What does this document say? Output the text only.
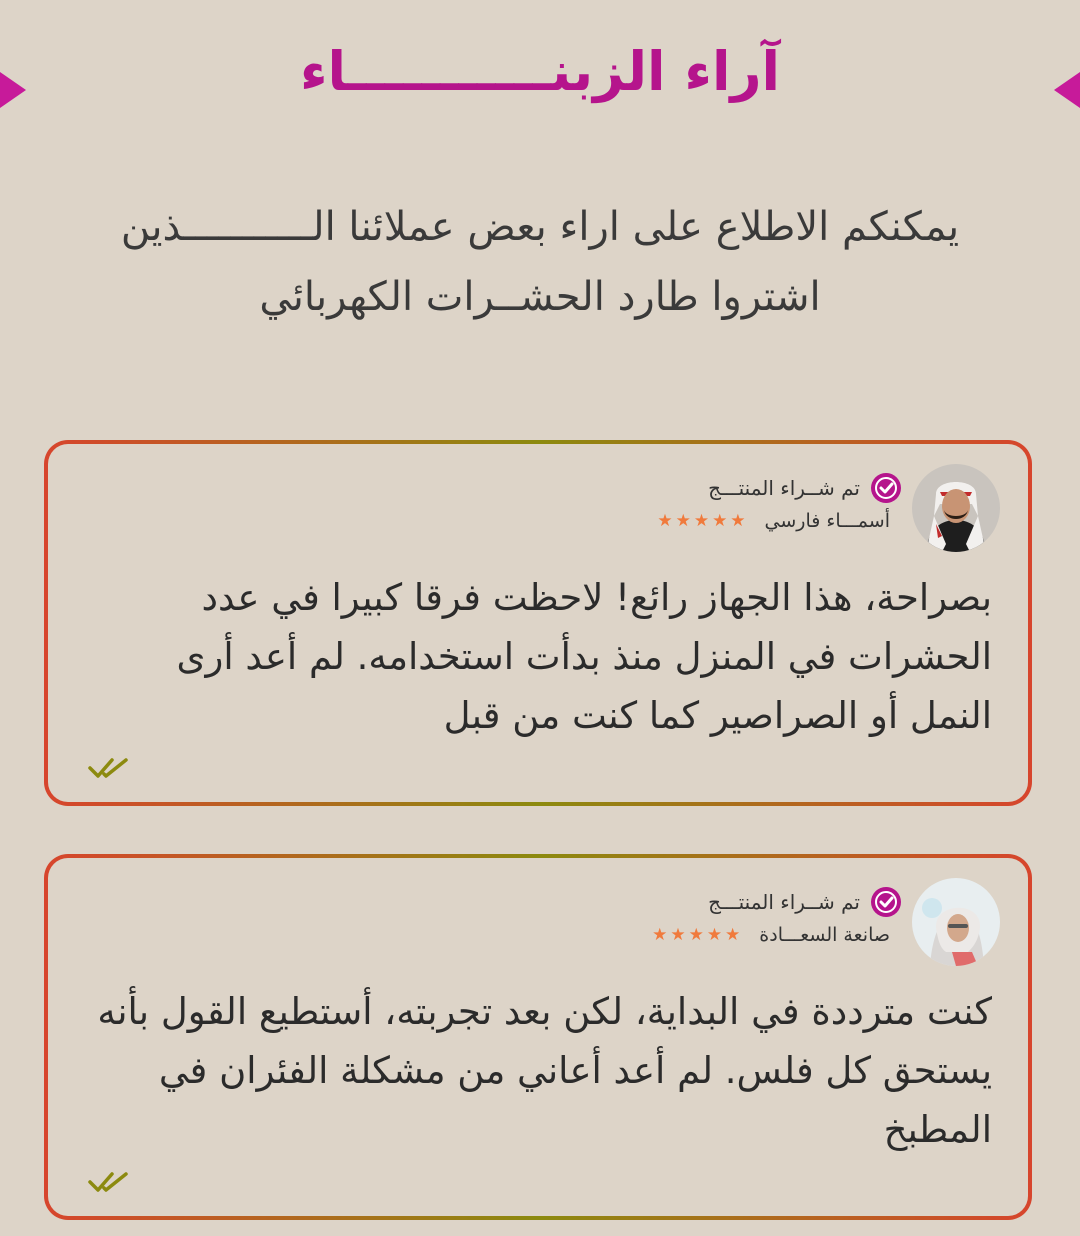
آراء الزبنـــــــــــاء

يمكنكم الاطلاع على اراء بعض عملائنا الـــــــــــذين اشتروا طارد الحشــرات الكهربائي

تم شــراء المنتـــج
أسمـــاء فارسي
★★★★★

بصراحة، هذا الجهاز رائع! لاحظت فرقا كبيرا في عدد الحشرات في المنزل منذ بدأت استخدامه. لم أعد أرى النمل أو الصراصير كما كنت من قبل

تم شــراء المنتـــج
صانعة السعـــادة
★★★★★

كنت مترددة في البداية، لكن بعد تجربته، أستطيع القول بأنه يستحق كل فلس. لم أعد أعاني من مشكلة الفئران في المطبخ
